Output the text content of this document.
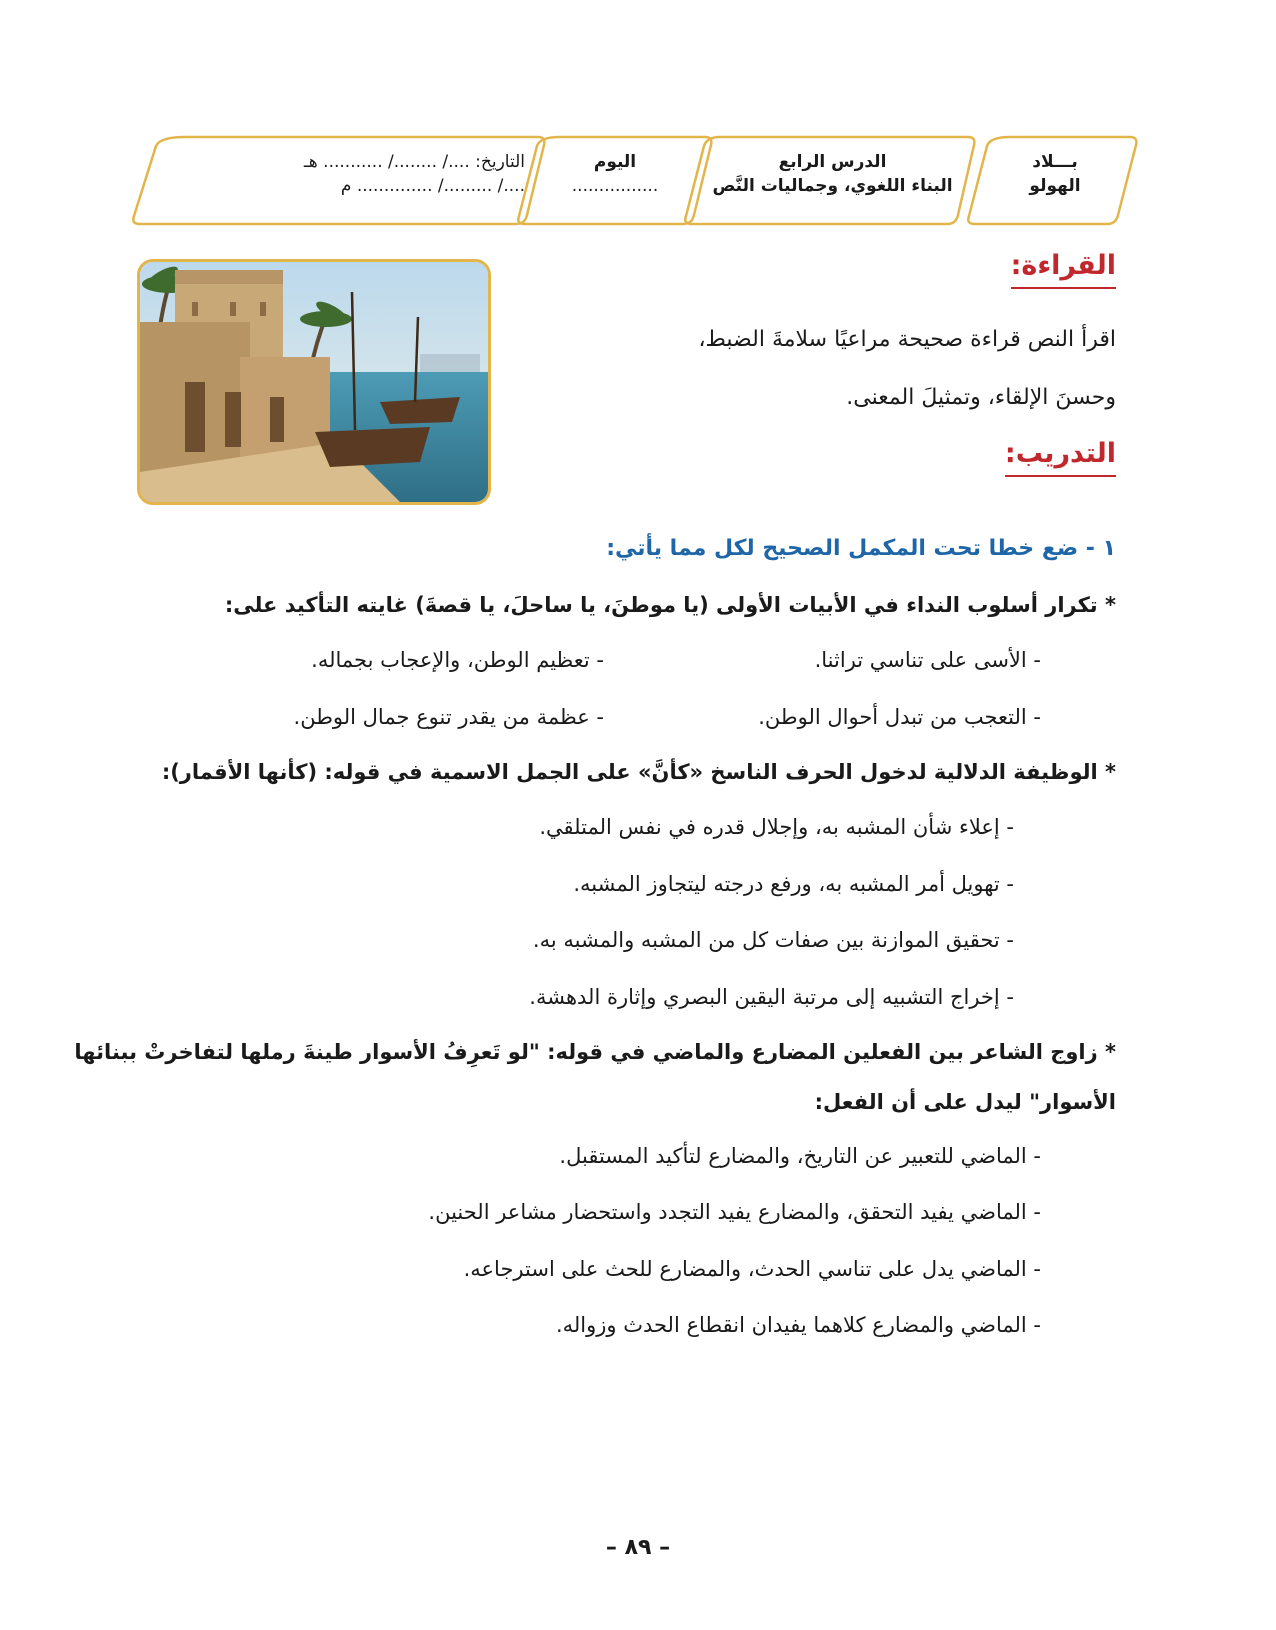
بـــلاد
الهولو
الدرس الرابع
البناء اللغوي، وجماليات النَّص
اليوم
................
التاريخ: ..../ ......../ ........... هـ
..../ ........./ .............. م
القراءة:
اقرأ النص قراءة صحيحة مراعيًا سلامةَ الضبط،
وحسنَ الإلقاء، وتمثيلَ المعنى.
التدريب:
١ - ضع خطا تحت المكمل الصحيح لكل مما يأتي:
* تكرار أسلوب النداء في الأبيات الأولى (يا موطنَ، يا ساحلَ، يا قصةَ) غايته التأكيد على:
- الأسى على تناسي تراثنا.
- تعظيم الوطن، والإعجاب بجماله.
- التعجب من تبدل أحوال الوطن.
- عظمة من يقدر تنوع جمال الوطن.
* الوظيفة الدلالية لدخول الحرف الناسخ «كأنَّ» على الجمل الاسمية في قوله: (كأنها الأقمار):
- إعلاء شأن المشبه به، وإجلال قدره في نفس المتلقي.
- تهويل أمر المشبه به، ورفع درجته ليتجاوز المشبه.
- تحقيق الموازنة بين صفات كل من المشبه والمشبه به.
- إخراج التشبيه إلى مرتبة اليقين البصري وإثارة الدهشة.
* زاوج الشاعر بين الفعلين المضارع والماضي في قوله: "لو تَعرِفُ الأسوار طينةَ رملها لتفاخرتْ ببنائها
الأسوار" ليدل على أن الفعل:
- الماضي للتعبير عن التاريخ، والمضارع لتأكيد المستقبل.
- الماضي يفيد التحقق، والمضارع يفيد التجدد واستحضار مشاعر الحنين.
- الماضي يدل على تناسي الحدث، والمضارع للحث على استرجاعه.
- الماضي والمضارع كلاهما يفيدان انقطاع الحدث وزواله.
– ٨٩ –
